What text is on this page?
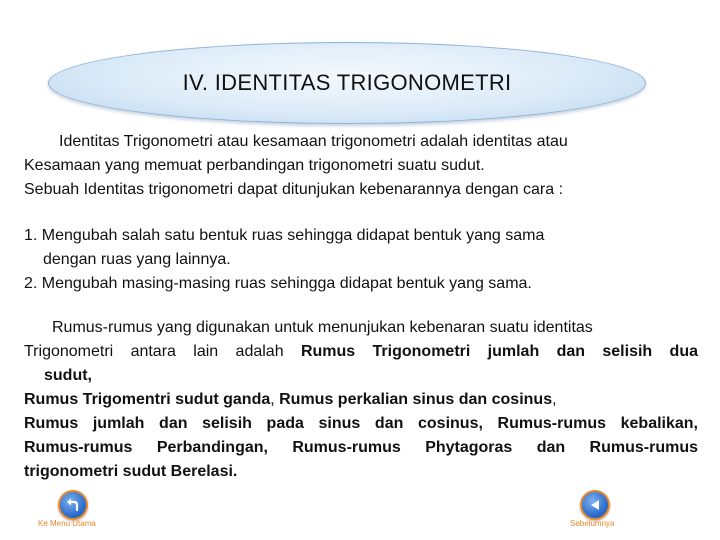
IV. IDENTITAS TRIGONOMETRI
Identitas Trigonometri atau kesamaan trigonometri adalah identitas atau
Kesamaan yang memuat perbandingan trigonometri suatu sudut.
Sebuah Identitas trigonometri dapat ditunjukan kebenarannya dengan cara :
1. Mengubah salah satu bentuk ruas sehingga didapat bentuk yang sama
dengan ruas yang lainnya.
2. Mengubah masing-masing ruas sehingga didapat bentuk yang sama.
Rumus-rumus yang digunakan untuk menunjukan kebenaran suatu identitas
Trigonometri antara lain adalah Rumus Trigonometri jumlah dan selisih dua
sudut,
Rumus Trigomentri sudut ganda, Rumus perkalian sinus dan cosinus,
Rumus jumlah dan selisih pada sinus dan cosinus, Rumus-rumus kebalikan,
Rumus-rumus Perbandingan, Rumus-rumus Phytagoras dan Rumus-rumus
trigonometri sudut Berelasi.
Ke Menu Utama	Sebelumnya
